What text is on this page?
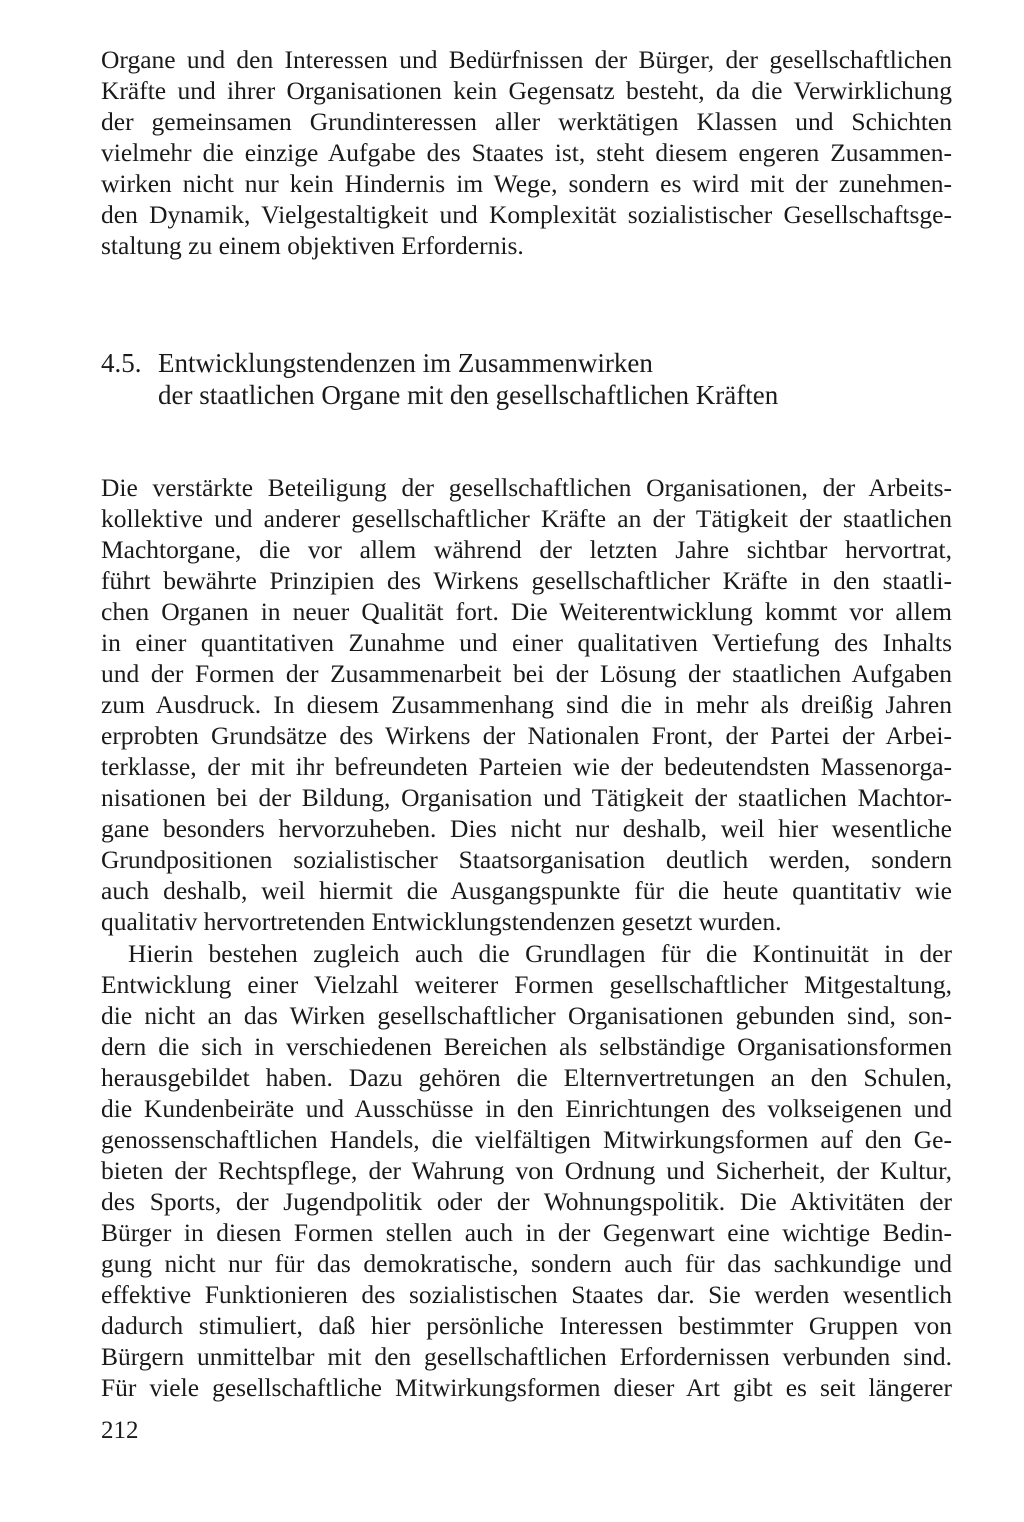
Organe und den Interessen und Bedürfnissen der Bürger, der gesellschaftlichen
Kräfte und ihrer Organisationen kein Gegensatz besteht, da die Verwirklichung
der gemeinsamen Grundinteressen aller werktätigen Klassen und Schichten
vielmehr die einzige Aufgabe des Staates ist, steht diesem engeren Zusammen-
wirken nicht nur kein Hindernis im Wege, sondern es wird mit der zunehmen-
den Dynamik, Vielgestaltigkeit und Komplexität sozialistischer Gesellschaftsge-
staltung zu einem objektiven Erfordernis.
4.5. Entwicklungstendenzen im Zusammenwirken
der staatlichen Organe mit den gesellschaftlichen Kräften
Die verstärkte Beteiligung der gesellschaftlichen Organisationen, der Arbeits-
kollektive und anderer gesellschaftlicher Kräfte an der Tätigkeit der staatlichen
Machtorgane, die vor allem während der letzten Jahre sichtbar hervortrat,
führt bewährte Prinzipien des Wirkens gesellschaftlicher Kräfte in den staatli-
chen Organen in neuer Qualität fort. Die Weiterentwicklung kommt vor allem
in einer quantitativen Zunahme und einer qualitativen Vertiefung des Inhalts
und der Formen der Zusammenarbeit bei der Lösung der staatlichen Aufgaben
zum Ausdruck. In diesem Zusammenhang sind die in mehr als dreißig Jahren
erprobten Grundsätze des Wirkens der Nationalen Front, der Partei der Arbei-
terklasse, der mit ihr befreundeten Parteien wie der bedeutendsten Massenorga-
nisationen bei der Bildung, Organisation und Tätigkeit der staatlichen Machtor-
gane besonders hervorzuheben. Dies nicht nur deshalb, weil hier wesentliche
Grundpositionen sozialistischer Staatsorganisation deutlich werden, sondern
auch deshalb, weil hiermit die Ausgangspunkte für die heute quantitativ wie
qualitativ hervortretenden Entwicklungstendenzen gesetzt wurden.
Hierin bestehen zugleich auch die Grundlagen für die Kontinuität in der
Entwicklung einer Vielzahl weiterer Formen gesellschaftlicher Mitgestaltung,
die nicht an das Wirken gesellschaftlicher Organisationen gebunden sind, son-
dern die sich in verschiedenen Bereichen als selbständige Organisationsformen
herausgebildet haben. Dazu gehören die Elternvertretungen an den Schulen,
die Kundenbeiräte und Ausschüsse in den Einrichtungen des volkseigenen und
genossenschaftlichen Handels, die vielfältigen Mitwirkungsformen auf den Ge-
bieten der Rechtspflege, der Wahrung von Ordnung und Sicherheit, der Kultur,
des Sports, der Jugendpolitik oder der Wohnungspolitik. Die Aktivitäten der
Bürger in diesen Formen stellen auch in der Gegenwart eine wichtige Bedin-
gung nicht nur für das demokratische, sondern auch für das sachkundige und
effektive Funktionieren des sozialistischen Staates dar. Sie werden wesentlich
dadurch stimuliert, daß hier persönliche Interessen bestimmter Gruppen von
Bürgern unmittelbar mit den gesellschaftlichen Erfordernissen verbunden sind.
Für viele gesellschaftliche Mitwirkungsformen dieser Art gibt es seit längerer
212
